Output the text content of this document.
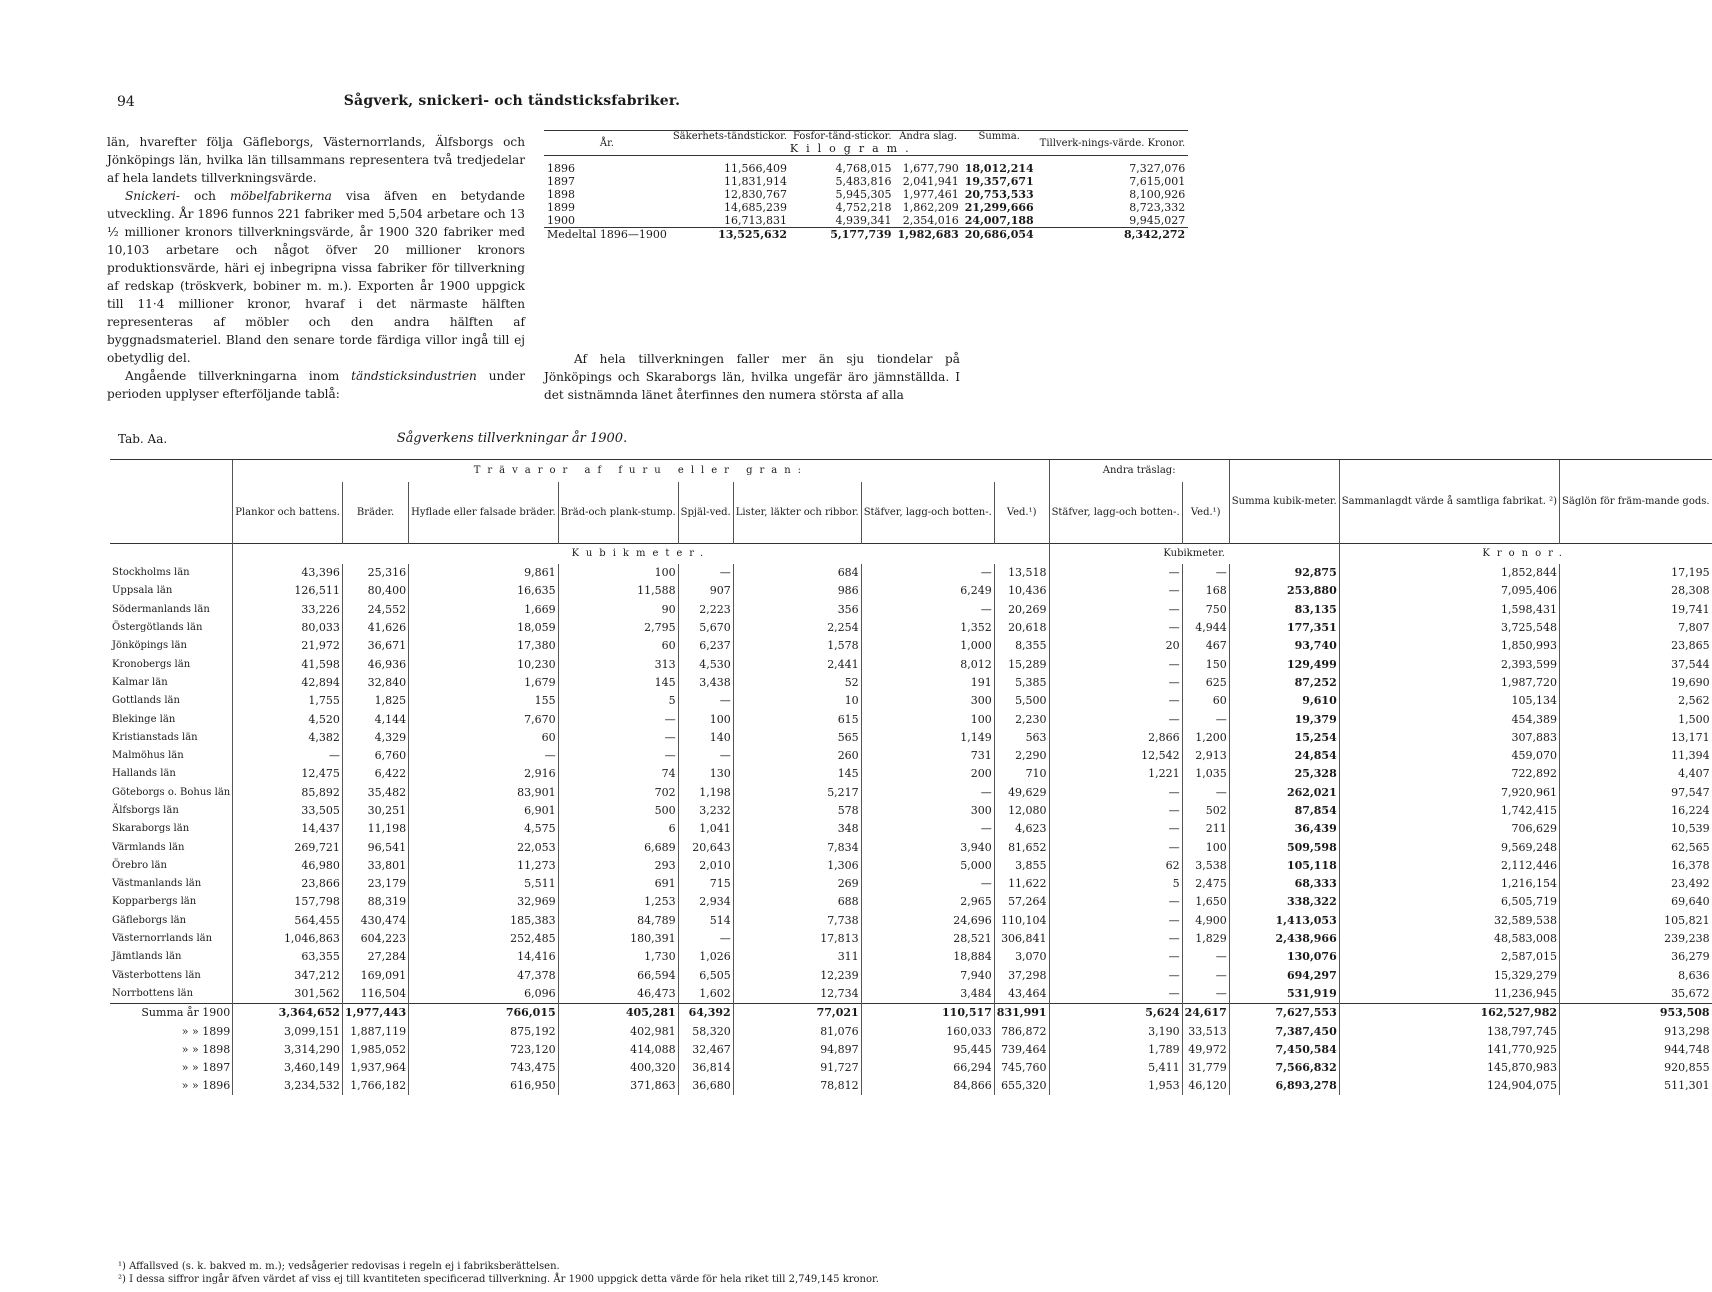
94	Sågverk, snickeri- och tändsticksfabriker.

län, hvarefter följa Gäfleborgs, Västernorrlands, Älfsborgs och Jönköpings län, hvilka län tillsammans representera två tredjedelar af hela landets tillverkningsvärde.

Snickeri- och möbelfabrikerna visa äfven en betydande utveckling. År 1896 funnos 221 fabriker med 5,504 arbetare och 13 ½ millioner kronors tillverkningsvärde, år 1900 320 fabriker med 10,103 arbetare och något öfver 20 millioner kronors produktionsvärde, häri ej inbegripna vissa fabriker för tillverkning af redskap (tröskverk, bobiner m. m.). Exporten år 1900 uppgick till 11·4 millioner kronor, hvaraf i det närmaste hälften representeras af möbler och den andra hälften af byggnadsmateriel. Bland den senare torde färdiga villor ingå till ej obetydlig del.

Angående tillverkningarna inom tändsticksindustrien under perioden upplyser efterföljande tablå:

År.	Säkerhets-tändstickor.	Fosfor-tänd-stickor.	Andra slag.	Summa.	Tillverk-nings-värde. Kronor.
	Kilogram.				

1896	11,566,409	4,768,015	1,677,790	18,012,214	7,327,076
1897	11,831,914	5,483,816	2,041,941	19,357,671	7,615,001
1898	12,830,767	5,945,305	1,977,461	20,753,533	8,100,926
1899	14,685,239	4,752,218	1,862,209	21,299,666	8,723,332
1900	16,713,831	4,939,341	2,354,016	24,007,188	9,945,027
Medeltal 1896—1900	13,525,632	5,177,739	1,982,683	20,686,054	8,342,272

Af hela tillverkningen faller mer än sju tiondelar på Jönköpings och Skaraborgs län, hvilka ungefär äro jämnställda. I det sistnämnda länet återfinnes den numera största af alla

Tab. Aa.	Sågverkens tillverkningar år 1900.
	Trävaror af furu eller gran:								Andra träslag:		Summa kubik-meter.	Sammanlagdt värde å samtliga fabrikat. ²)	Säglön för främ-mande gods.
	Plankor och battens.	Bräder.	Hyflade eller falsade bräder.	Bräd-och plank-stump.	Spjäl-ved.	Lister, läkter och ribbor.	Stäfver, lagg-och botten-.	Ved.¹)	Stäfver, lagg-och botten-.	Ved.¹)			
	Kubikmeter.								Kubikmeter.			Kronor.	
Stockholms län	43,396	25,316	9,861	100	—	684	—	13,518	—	—	92,875	1,852,844	17,195
Uppsala län	126,511	80,400	16,635	11,588	907	986	6,249	10,436	—	168	253,880	7,095,406	28,308
Södermanlands län	33,226	24,552	1,669	90	2,223	356	—	20,269	—	750	83,135	1,598,431	19,741
Östergötlands län	80,033	41,626	18,059	2,795	5,670	2,254	1,352	20,618	—	4,944	177,351	3,725,548	7,807
Jönköpings län	21,972	36,671	17,380	60	6,237	1,578	1,000	8,355	20	467	93,740	1,850,993	23,865
Kronobergs län	41,598	46,936	10,230	313	4,530	2,441	8,012	15,289	—	150	129,499	2,393,599	37,544
Kalmar län	42,894	32,840	1,679	145	3,438	52	191	5,385	—	625	87,252	1,987,720	19,690
Gottlands län	1,755	1,825	155	5	—	10	300	5,500	—	60	9,610	105,134	2,562
Blekinge län	4,520	4,144	7,670	—	100	615	100	2,230	—	—	19,379	454,389	1,500
Kristianstads län	4,382	4,329	60	—	140	565	1,149	563	2,866	1,200	15,254	307,883	13,171
Malmöhus län	—	6,760	—	—	—	260	731	2,290	12,542	2,913	24,854	459,070	11,394
Hallands län	12,475	6,422	2,916	74	130	145	200	710	1,221	1,035	25,328	722,892	4,407
Göteborgs o. Bohus län	85,892	35,482	83,901	702	1,198	5,217	—	49,629	—	—	262,021	7,920,961	97,547
Älfsborgs län	33,505	30,251	6,901	500	3,232	578	300	12,080	—	502	87,854	1,742,415	16,224
Skaraborgs län	14,437	11,198	4,575	6	1,041	348	—	4,623	—	211	36,439	706,629	10,539
Värmlands län	269,721	96,541	22,053	6,689	20,643	7,834	3,940	81,652	—	100	509,598	9,569,248	62,565
Örebro län	46,980	33,801	11,273	293	2,010	1,306	5,000	3,855	62	3,538	105,118	2,112,446	16,378
Västmanlands län	23,866	23,179	5,511	691	715	269	—	11,622	5	2,475	68,333	1,216,154	23,492
Kopparbergs län	157,798	88,319	32,969	1,253	2,934	688	2,965	57,264	—	1,650	338,322	6,505,719	69,640
Gäfleborgs län	564,455	430,474	185,383	84,789	514	7,738	24,696	110,104	—	4,900	1,413,053	32,589,538	105,821
Västernorrlands län	1,046,863	604,223	252,485	180,391	—	17,813	28,521	306,841	—	1,829	2,438,966	48,583,008	239,238
Jämtlands län	63,355	27,284	14,416	1,730	1,026	311	18,884	3,070	—	—	130,076	2,587,015	36,279
Västerbottens län	347,212	169,091	47,378	66,594	6,505	12,239	7,940	37,298	—	—	694,297	15,329,279	8,636
Norrbottens län	301,562	116,504	6,096	46,473	1,602	12,734	3,484	43,464	—	—	531,919	11,236,945	35,672
Summa år 1900	3,364,652	1,977,443	766,015	405,281	64,392	77,021	110,517	831,991	5,624	24,617	7,627,553	162,527,982	953,508
» » 1899	3,099,151	1,887,119	875,192	402,981	58,320	81,076	160,033	786,872	3,190	33,513	7,387,450	138,797,745	913,298
» » 1898	3,314,290	1,985,052	723,120	414,088	32,467	94,897	95,445	739,464	1,789	49,972	7,450,584	141,770,925	944,748
» » 1897	3,460,149	1,937,964	743,475	400,320	36,814	91,727	66,294	745,760	5,411	31,779	7,566,832	145,870,983	920,855
» » 1896	3,234,532	1,766,182	616,950	371,863	36,680	78,812	84,866	655,320	1,953	46,120	6,893,278	124,904,075	511,301

¹) Affallsved (s. k. bakved m. m.); vedsågerier redovisas i regeln ej i fabriksberättelsen.

²) I dessa siffror ingår äfven värdet af viss ej till kvantiteten specificerad tillverkning. År 1900 uppgick detta värde för hela riket till 2,749,145 kronor.
